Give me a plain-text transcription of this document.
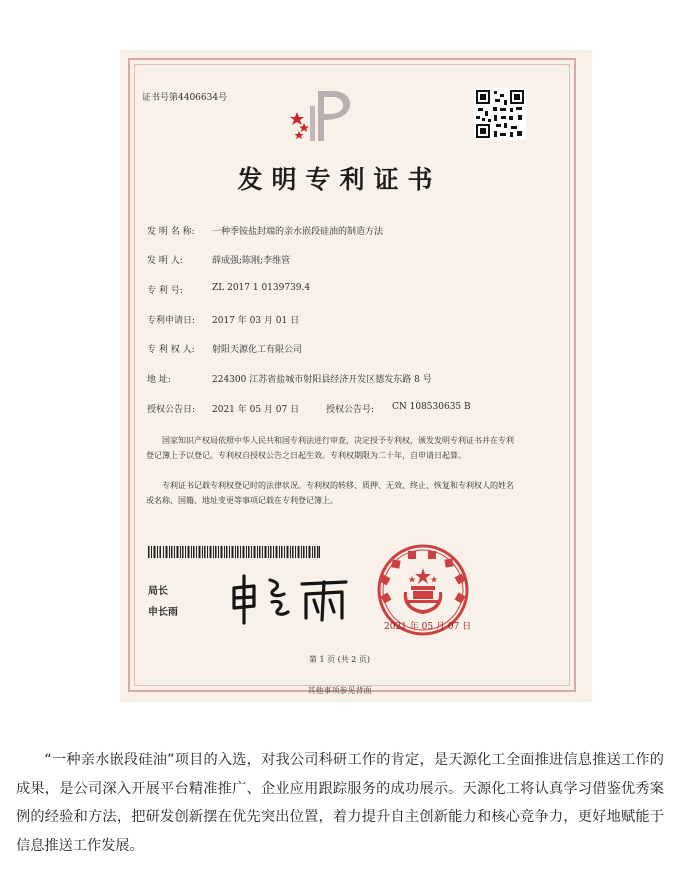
证书号第4406634号
发明专利证书
发 明 名 称: 一种季铵盐封端的亲水嵌段硅油的制造方法
发 明 人:	薛成强;陈刚;李维管
专 利 号:	ZL 2017 1 0139739.4
专利申请日: 2017 年 03 月 01 日
专 利 权 人: 射阳天源化工有限公司
地 址:	224300 江苏省盐城市射阳县经济开发区德发东路 8 号
授权公告日: 2021 年 05 月 07 日	授权公告号: CN 108530635 B
国家知识产权局依照中华人民共和国专利法进行审查，决定授予专利权，颁发发明专利证书并在专利登记簿上予以登记。专利权自授权公告之日起生效。专利权期限为二十年，自申请日起算。
专利证书记载专利权登记时的法律状况。专利权的转移、质押、无效、终止、恢复和专利权人的姓名或名称、国籍、地址变更等事项记载在专利登记簿上。
局长
申长雨
2021 年 05 月 07 日
第 1 页 (共 2 页)
其他事项参见背面
“一种亲水嵌段硅油”项目的入选，对我公司科研工作的肯定，是天源化工全面推进信息推送工作的成果，是公司深入开展平台精准推广、企业应用跟踪服务的成功展示。天源化工将认真学习借鉴优秀案例的经验和方法，把研发创新摆在优先突出位置，着力提升自主创新能力和核心竞争力，更好地赋能于信息推送工作发展。
